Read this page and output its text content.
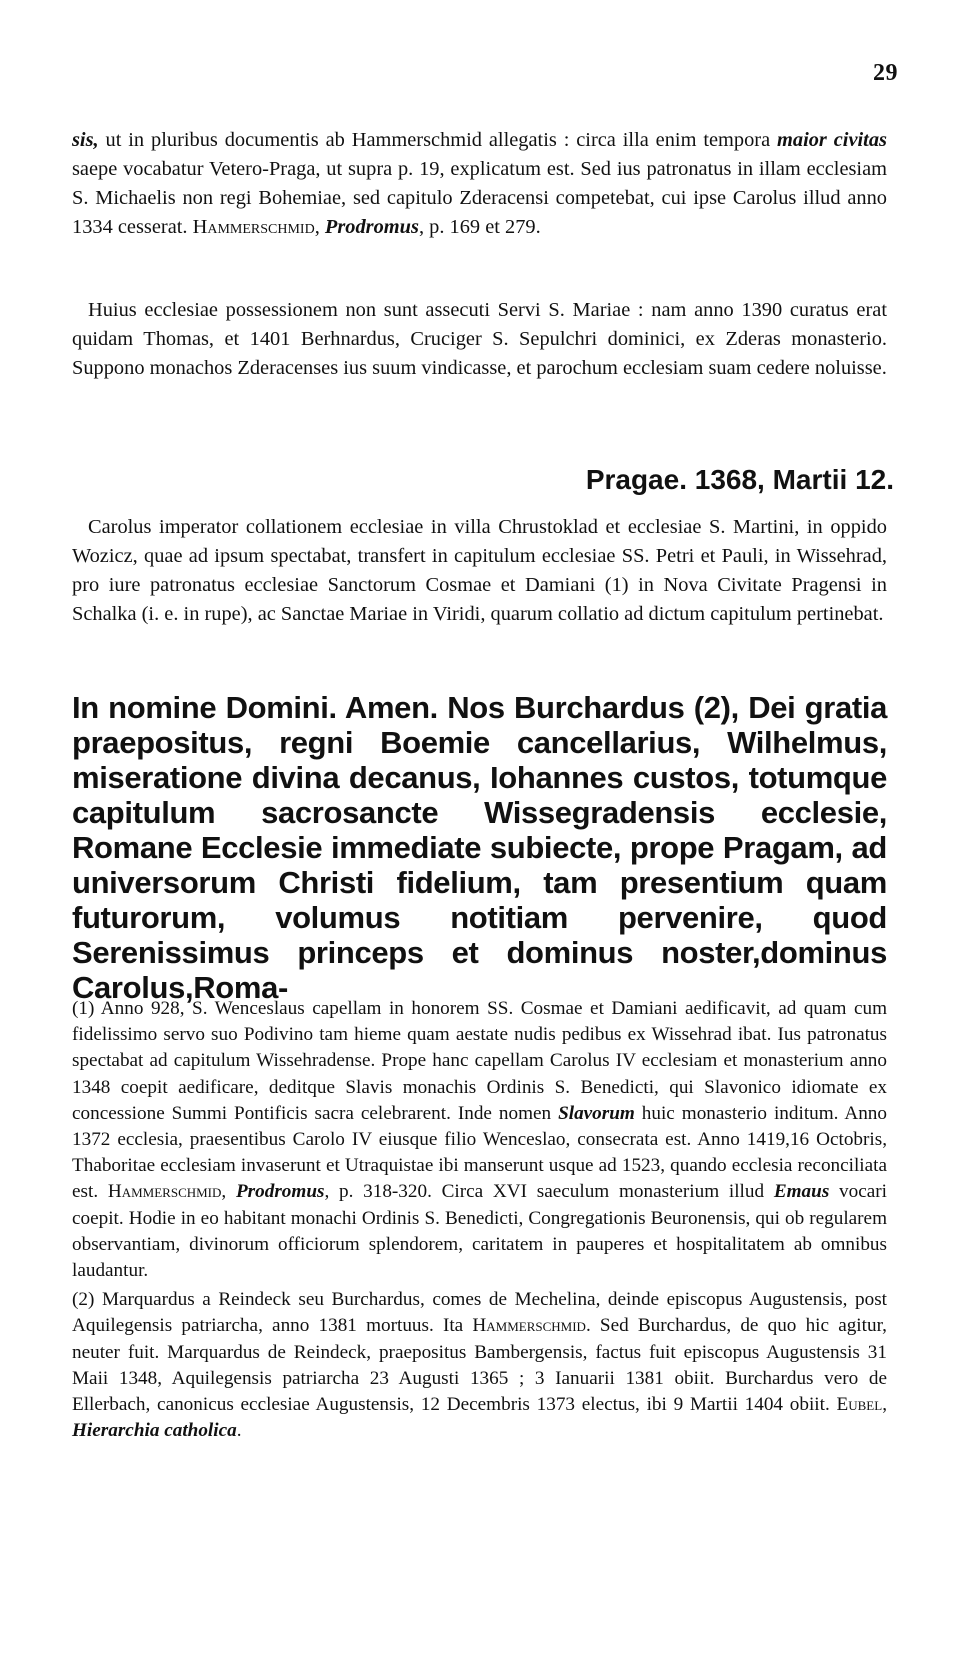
29

sis, ut in pluribus documentis ab Hammerschmid allegatis : circa illa enim tempora maior civitas saepe vocabatur Vetero-Praga, ut supra p. 19, explicatum est. Sed ius patronatus in illam ecclesiam S. Michaelis non regi Bohemiae, sed capitulo Zderacensi competebat, cui ipse Carolus illud anno 1334 cesserat. Hammerschmid, Prodromus, p. 169 et 279.

Huius ecclesiae possessionem non sunt assecuti Servi S. Mariae : nam anno 1390 curatus erat quidam Thomas, et 1401 Berhnardus, Cruciger S. Sepulchri dominici, ex Zderas monasterio. Suppono monachos Zderacenses ius suum vindicasse, et parochum ecclesiam suam cedere noluisse.

Pragae. 1368, Martii 12.

Carolus imperator collationem ecclesiae in villa Chrustoklad et ecclesiae S. Martini, in oppido Wozicz, quae ad ipsum spectabat, transfert in capitulum ecclesiae SS. Petri et Pauli, in Wissehrad, pro iure patronatus ecclesiae Sanctorum Cosmae et Damiani (1) in Nova Civitate Pragensi in Schalka (i. e. in rupe), ac Sanctae Mariae in Viridi, quarum collatio ad dictum capitulum pertinebat.

In nomine Domini. Amen. Nos Burchardus (2), Dei gratia praepositus, regni Boemie cancellarius, Wilhelmus, miseratione divina decanus, Iohannes custos, totumque capitulum sacrosancte Wissegradensis ecclesie, Romane Ecclesie immediate subiecte, prope Pragam, ad universorum Christi fidelium, tam presentium quam futurorum, volumus notitiam pervenire, quod Serenissimus princeps et dominus noster,dominus Carolus,Roma-

(1) Anno 928, S. Wenceslaus capellam in honorem SS. Cosmae et Damiani aedificavit, ad quam cum fidelissimo servo suo Podivino tam hieme quam aestate nudis pedibus ex Wissehrad ibat. Ius patronatus spectabat ad capitulum Wissehradense. Prope hanc capellam Carolus IV ecclesiam et monasterium anno 1348 coepit aedificare, deditque Slavis monachis Ordinis S. Benedicti, qui Slavonico idiomate ex concessione Summi Pontificis sacra celebrarent. Inde nomen Slavorum huic monasterio inditum. Anno 1372 ecclesia, praesentibus Carolo IV eiusque filio Wenceslao, consecrata est. Anno 1419,16 Octobris, Thaboritae ecclesiam invaserunt et Utraquistae ibi manserunt usque ad 1523, quando ecclesia reconciliata est. Hammerschmid, Prodromus, p. 318-320. Circa XVI saeculum monasterium illud Emaus vocari coepit. Hodie in eo habitant monachi Ordinis S. Benedicti, Congregationis Beuronensis, qui ob regularem observantiam, divinorum officiorum splendorem, caritatem in pauperes et hospitalitatem ab omnibus laudantur.

(2) Marquardus a Reindeck seu Burchardus, comes de Mechelina, deinde episcopus Augustensis, post Aquilegensis patriarcha, anno 1381 mortuus. Ita Hammerschmid. Sed Burchardus, de quo hic agitur, neuter fuit. Marquardus de Reindeck, praepositus Bambergensis, factus fuit episcopus Augustensis 31 Maii 1348, Aquilegensis patriarcha 23 Augusti 1365 ; 3 Ianuarii 1381 obiit. Burchardus vero de Ellerbach, canonicus ecclesiae Augustensis, 12 Decembris 1373 electus, ibi 9 Martii 1404 obiit. Eubel, Hierarchia catholica.
